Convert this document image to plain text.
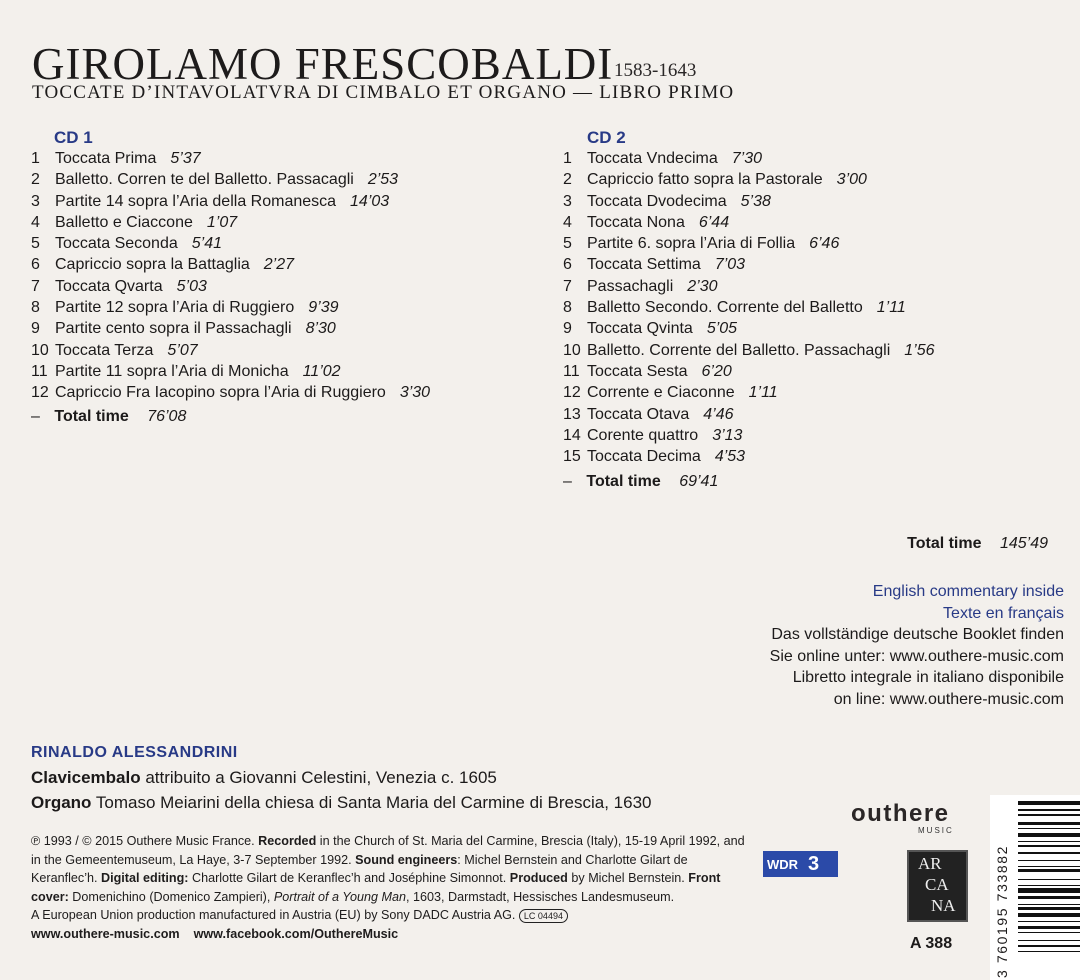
GIROLAMO FRESCOBALDI 1583-1643
TOCCATE D’INTAVOLATVRA DI CIMBALO ET ORGANO — LIBRO PRIMO
CD 1
1 Toccata Prima 5’37
2 Balletto. Corren te del Balletto. Passacagli 2’53
3 Partite 14 sopra l’Aria della Romanesca 14’03
4 Balletto e Ciaccone 1’07
5 Toccata Seconda 5’41
6 Capriccio sopra la Battaglia 2’27
7 Toccata Qvarta 5’03
8 Partite 12 sopra l’Aria di Ruggiero 9’39
9 Partite cento sopra il Passachagli 8’30
10 Toccata Terza 5’07
11 Partite 11 sopra l’Aria di Monicha 11’02
12 Capriccio Fra Iacopino sopra l’Aria di Ruggiero 3’30
– Total time 76’08
CD 2
1 Toccata Vndecima 7’30
2 Capriccio fatto sopra la Pastorale 3’00
3 Toccata Dvodecima 5’38
4 Toccata Nona 6’44
5 Partite 6. sopra l’Aria di Follia 6’46
6 Toccata Settima 7’03
7 Passachagli 2’30
8 Balletto Secondo. Corrente del Balletto 1’11
9 Toccata Qvinta 5’05
10 Balletto. Corrente del Balletto. Passachagli 1’56
11 Toccata Sesta 6’20
12 Corrente e Ciaconne 1’11
13 Toccata Otava 4’46
14 Corente quattro 3’13
15 Toccata Decima 4’53
– Total time 69’41
Total time 145’49
English commentary inside
Texte en français
Das vollständige deutsche Booklet finden
Sie online unter: www.outhere-music.com
Libretto integrale in italiano disponibile
on line: www.outhere-music.com
RINALDO ALESSANDRINI
Clavicembalo attribuito a Giovanni Celestini, Venezia c. 1605
Organo Tomaso Meiarini della chiesa di Santa Maria del Carmine di Brescia, 1630
℗ 1993 / © 2015 Outhere Music France. Recorded in the Church of St. Maria del Carmine, Brescia (Italy), 15-19 April 1992, and in the Gemeentemuseum, La Haye, 3-7 September 1992. Sound engineers: Michel Bernstein and Charlotte Gilart de Keranflec’h. Digital editing: Charlotte Gilart de Keranflec’h and Joséphine Simonnot. Produced by Michel Bernstein. Front cover: Domenichino (Domenico Zampieri), Portrait of a Young Man, 1603, Darmstadt, Hessisches Landesmuseum.
A European Union production manufactured in Austria (EU) by Sony DADC Austria AG. LC 04494
www.outhere-music.com www.facebook.com/OuthereMusic
WDR 3
outhere
MUSIC
AR
CA
NA
A 388	3 760195 733882
